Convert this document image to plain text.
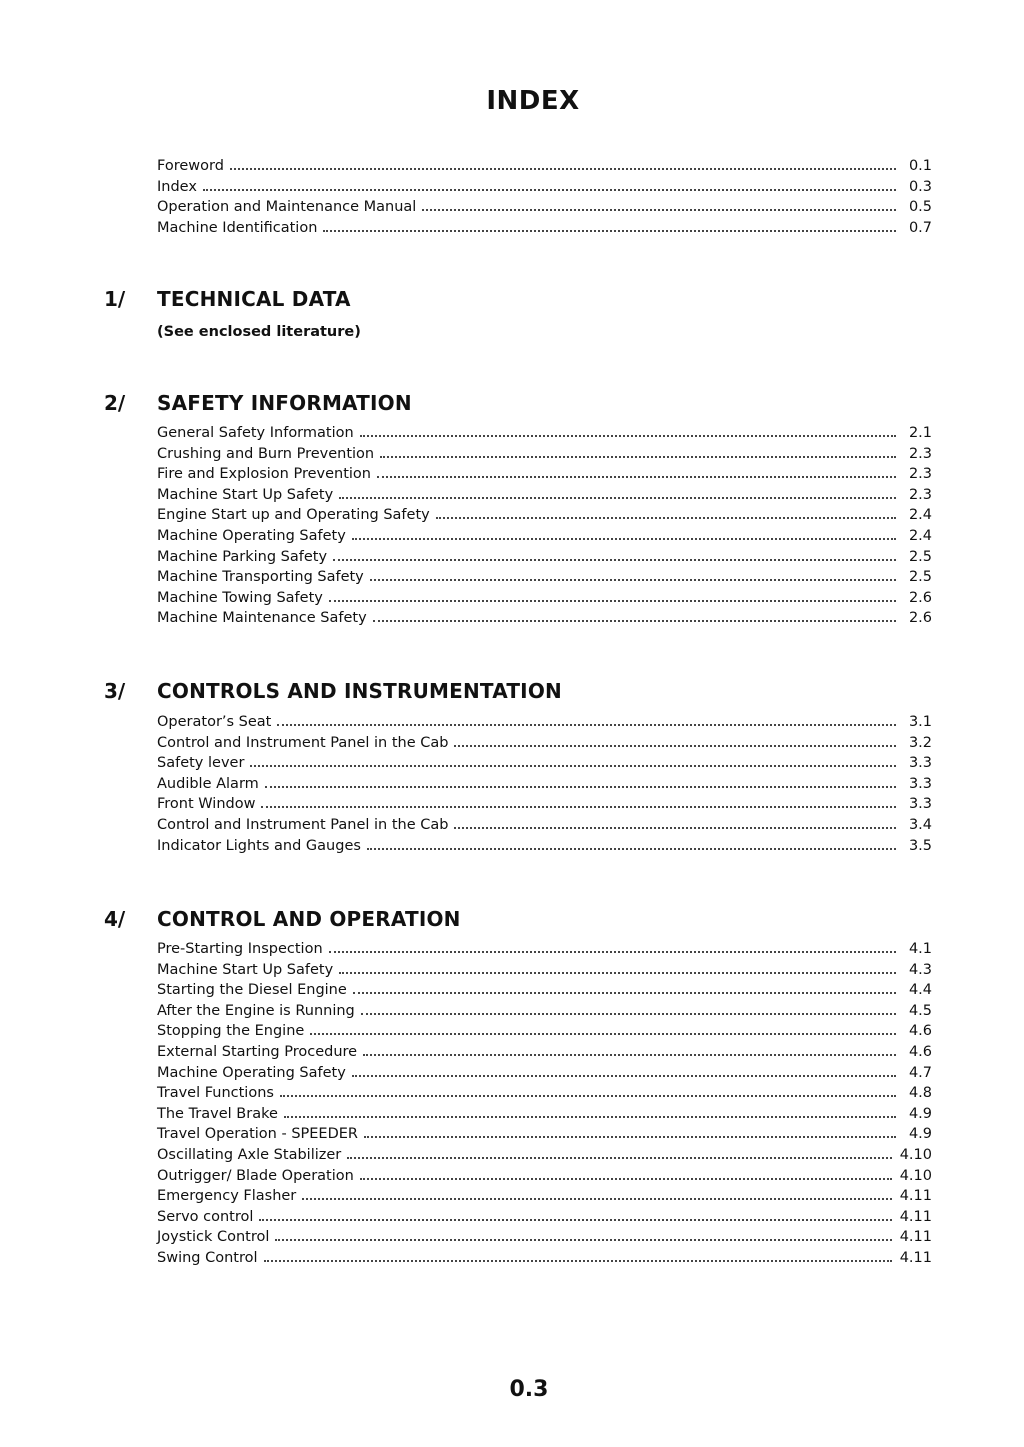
INDEX
Foreword	0.1
Index	0.3
Operation and Maintenance Manual	0.5
Machine Identification	0.7
1/ TECHNICAL DATA
(See enclosed literature)
2/ SAFETY INFORMATION
General Safety Information	2.1
Crushing and Burn Prevention	2.3
Fire and Explosion Prevention	2.3
Machine Start Up Safety	2.3
Engine Start up and Operating Safety	2.4
Machine Operating Safety	2.4
Machine Parking Safety	2.5
Machine Transporting Safety	2.5
Machine Towing Safety	2.6
Machine Maintenance Safety	2.6
3/ CONTROLS AND INSTRUMENTATION
Operator’s Seat	3.1
Control and Instrument Panel in the Cab	3.2
Safety lever	3.3
Audible Alarm	3.3
Front Window	3.3
Control and Instrument Panel in the Cab	3.4
Indicator Lights and Gauges	3.5
4/ CONTROL AND OPERATION
Pre-Starting Inspection	4.1
Machine Start Up Safety	4.3
Starting the Diesel Engine	4.4
After the Engine is Running	4.5
Stopping the Engine	4.6
External Starting Procedure	4.6
Machine Operating Safety	4.7
Travel Functions	4.8
The Travel Brake	4.9
Travel Operation - SPEEDER	4.9
Oscillating Axle Stabilizer	4.10
Outrigger/ Blade Operation	4.10
Emergency Flasher	4.11
Servo control	4.11
Joystick Control	4.11
Swing Control	4.11
0.3
